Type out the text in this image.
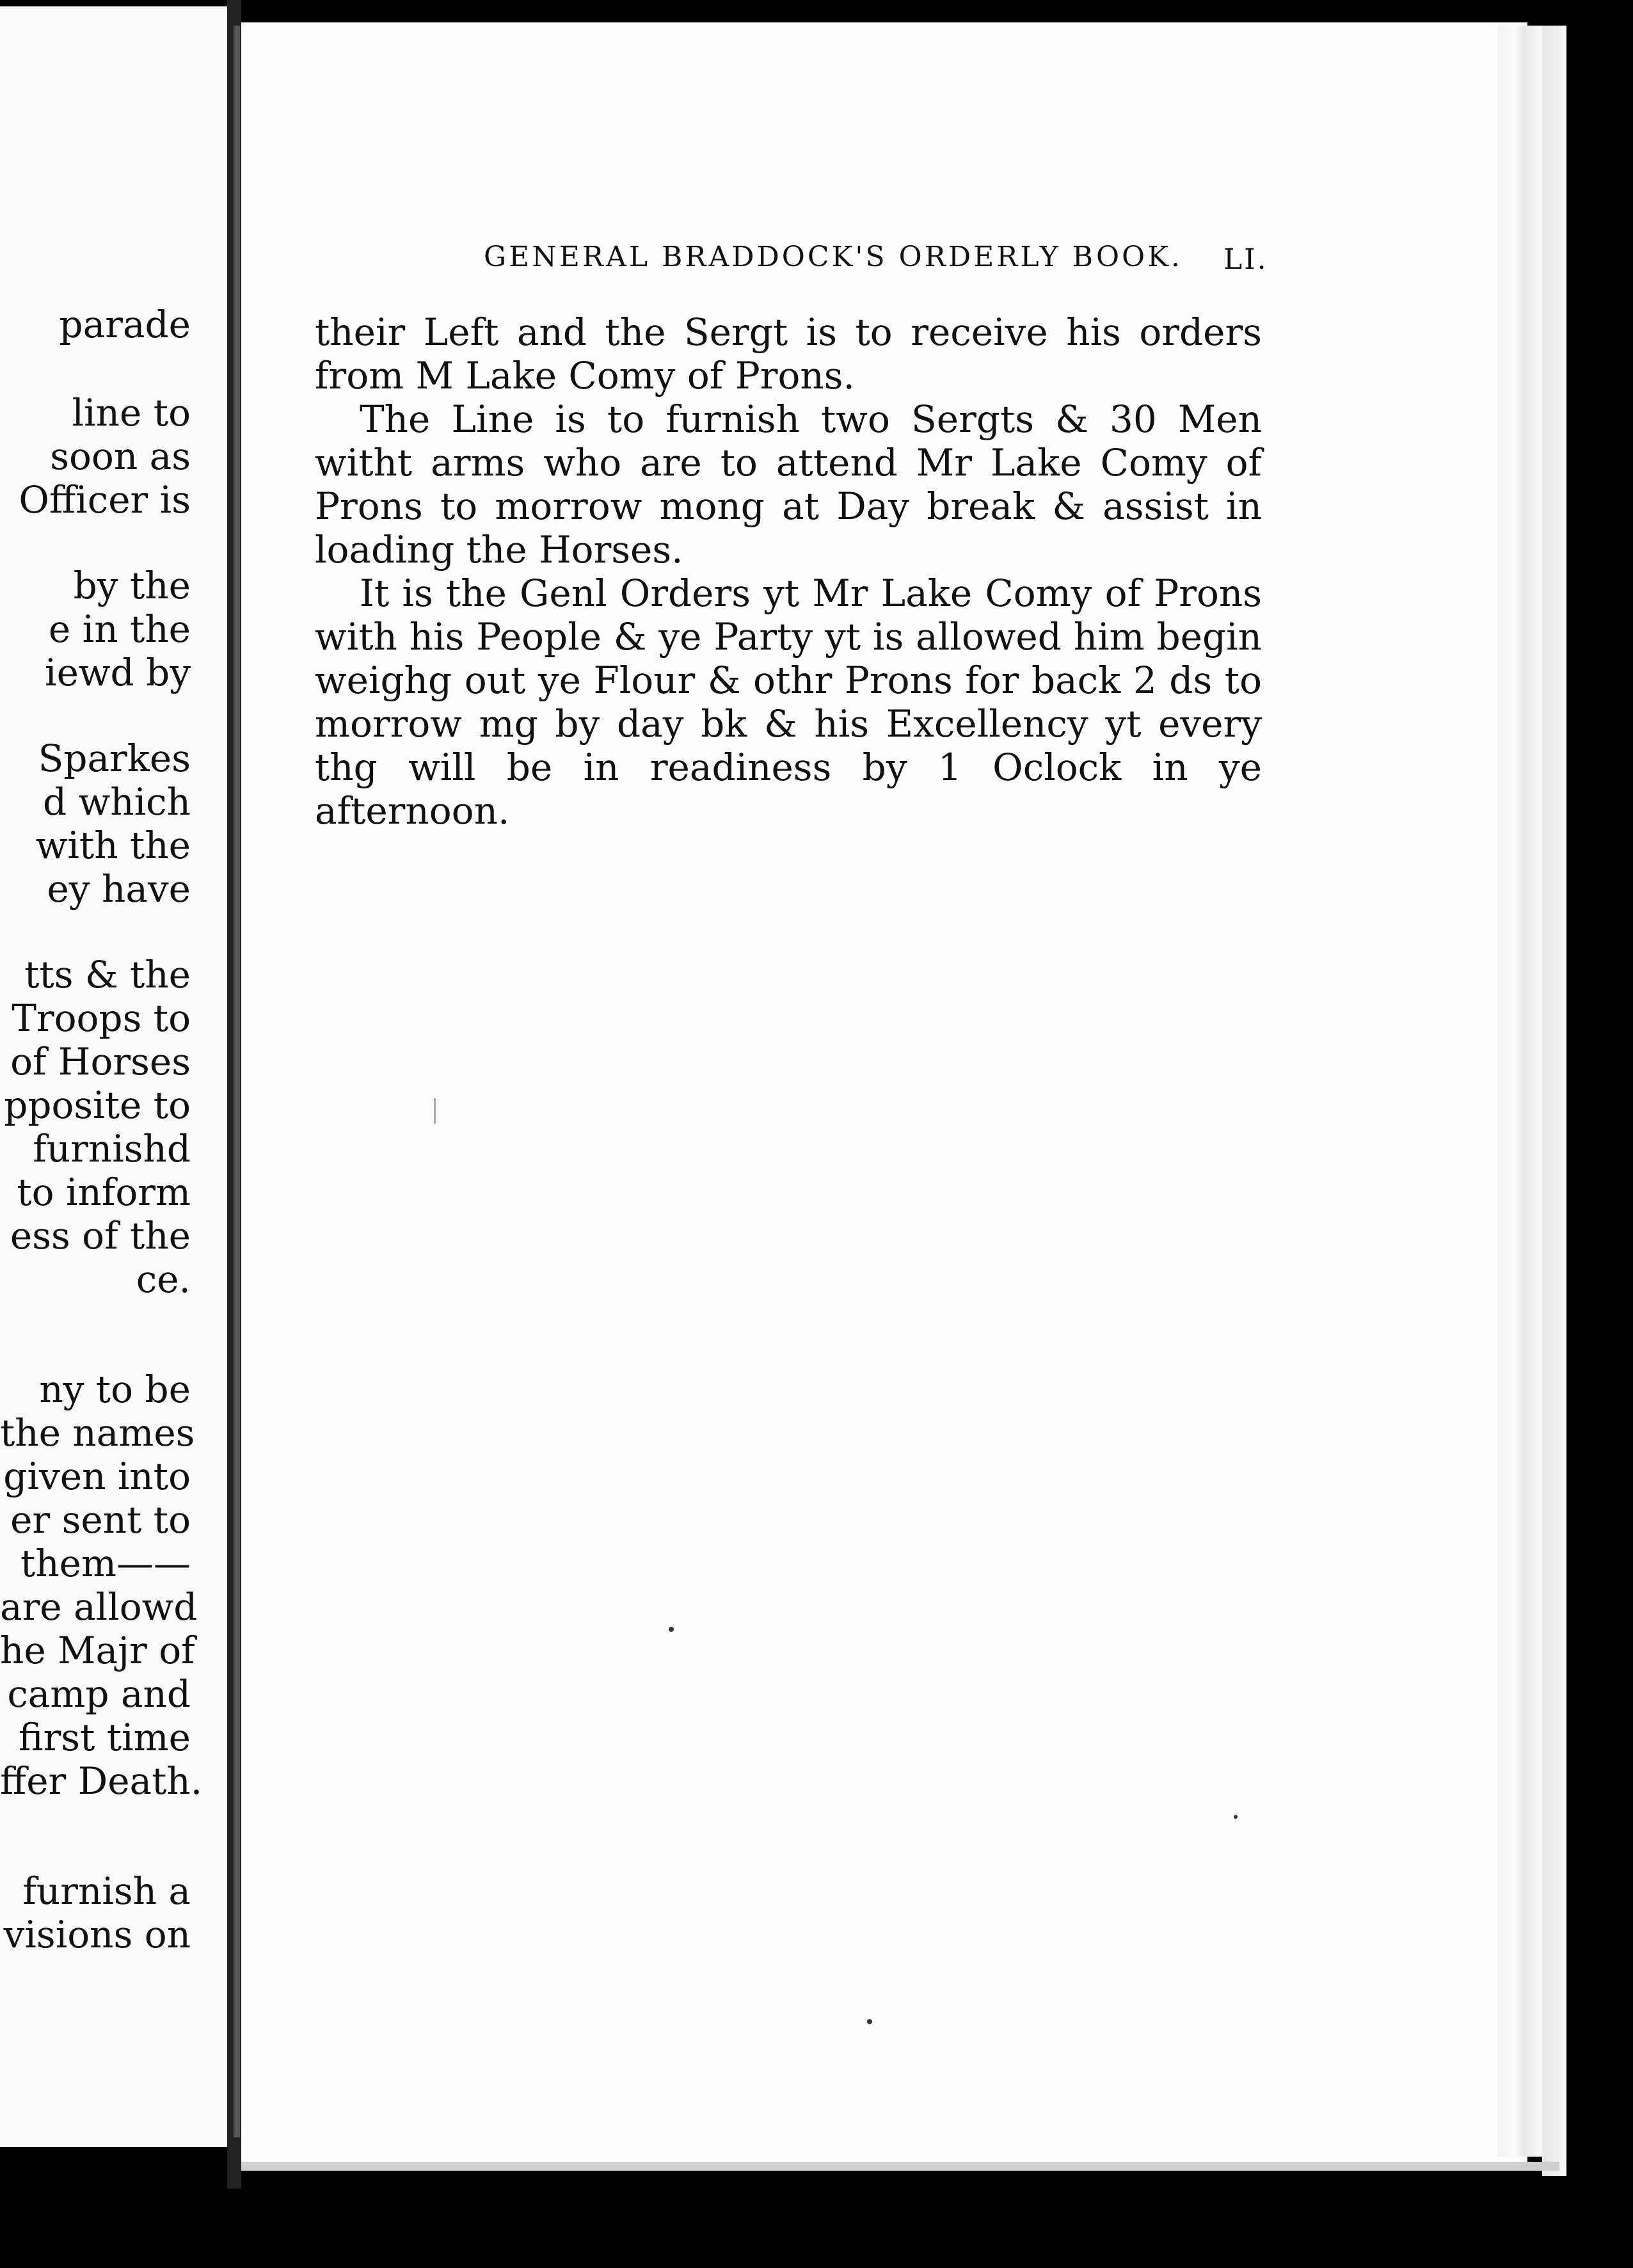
parade
line to
soon as
Officer is
by the
e in the
iewd by
Sparkes
d which
with the
ey have
tts & the
Troops to
of Horses
pposite to
furnishd
to inform
ess of the
ce.
ny to be
the names
given into
er sent to
them——
are allowd
he Majr of
camp and
first time
ffer Death.
furnish a
visions on
GENERAL BRADDOCK'S ORDERLY BOOK. LI.

their Left and the Sergt is to receive his orders from M Lake Comy of Prons.

The Line is to furnish two Sergts & 30 Men witht arms who are to attend Mr Lake Comy of Prons to morrow mong at Day break & assist in loading the Horses.

It is the Genl Orders yt Mr Lake Comy of Prons with his People & ye Party yt is allowed him begin weighg out ye Flour & othr Prons for back 2 ds to morrow mg by day bk & his Excellency yt every thg will be in readiness by 1 Oclock in ye afternoon.
